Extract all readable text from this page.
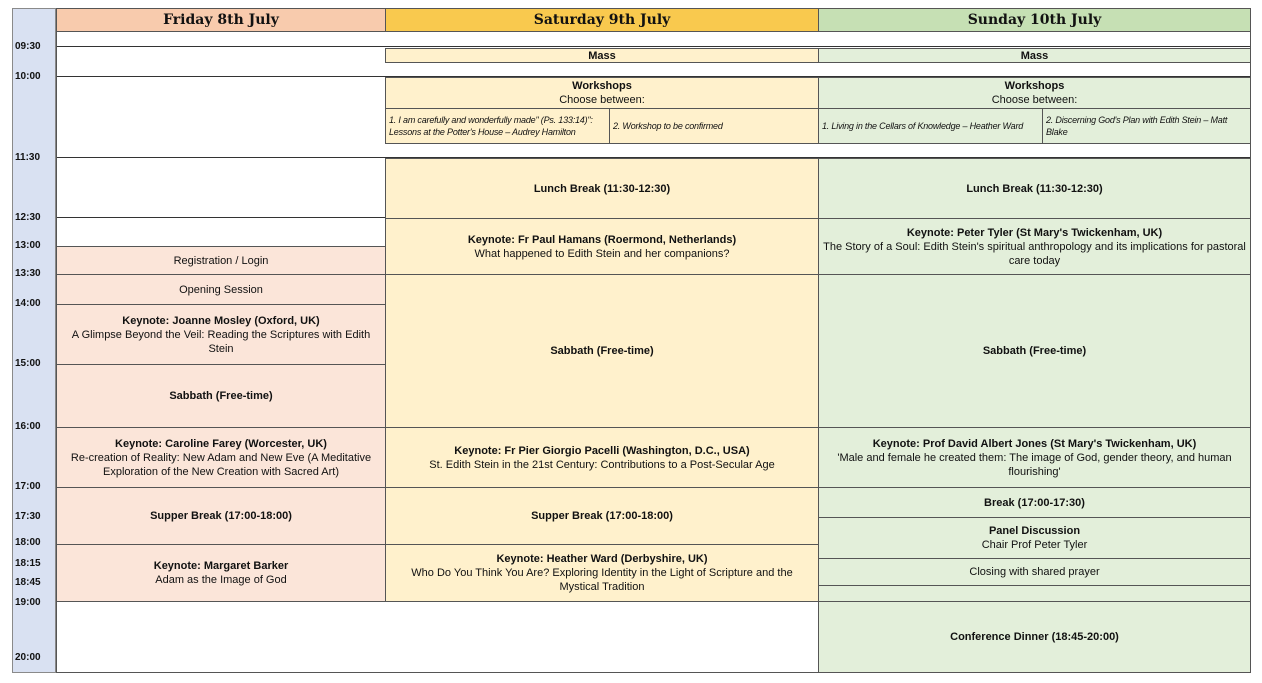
09:30
10:00
11:30
12:30
13:00
13:30
14:00
15:00
16:00
17:00
17:30
18:00
18:15
18:45
19:00
20:00
Friday 8th July	Saturday 9th July	Sunday 10th July
Registration / Login
Opening Session
Keynote: Joanne Mosley (Oxford, UK)
A Glimpse Beyond the Veil: Reading the Scriptures with Edith Stein
Sabbath (Free-time)
Keynote: Caroline Farey (Worcester, UK)
Re-creation of Reality: New Adam and New Eve (A Meditative Exploration of the New Creation with Sacred Art)
Supper Break (17:00-18:00)
Keynote: Margaret Barker
Adam as the Image of God
Mass
Workshops
Choose between:
1. I am carefully and wonderfully made" (Ps. 133:14)": Lessons at the Potter's House – Audrey Hamilton
2. Workshop to be confirmed
Lunch Break (11:30-12:30)
Keynote: Fr Paul Hamans (Roermond, Netherlands)
What happened to Edith Stein and her companions?
Sabbath (Free-time)
Keynote: Fr Pier Giorgio Pacelli (Washington, D.C., USA)
St. Edith Stein in the 21st Century: Contributions to a Post-Secular Age
Supper Break (17:00-18:00)
Keynote: Heather Ward (Derbyshire, UK)
Who Do You Think You Are? Exploring Identity in the Light of Scripture and the Mystical Tradition
Mass
Workshops
Choose between:
1. Living in the Cellars of Knowledge – Heather Ward
2. Discerning God's Plan with Edith Stein – Matt Blake
Lunch Break (11:30-12:30)
Keynote: Peter Tyler (St Mary's Twickenham, UK)
The Story of a Soul: Edith Stein's spiritual anthropology and its implications for pastoral care today
Sabbath (Free-time)
Keynote: Prof David Albert Jones (St Mary's Twickenham, UK)
'Male and female he created them: The image of God, gender theory, and human flourishing'
Break (17:00-17:30)
Panel Discussion
Chair Prof Peter Tyler
Closing with shared prayer
Conference Dinner (18:45-20:00)
